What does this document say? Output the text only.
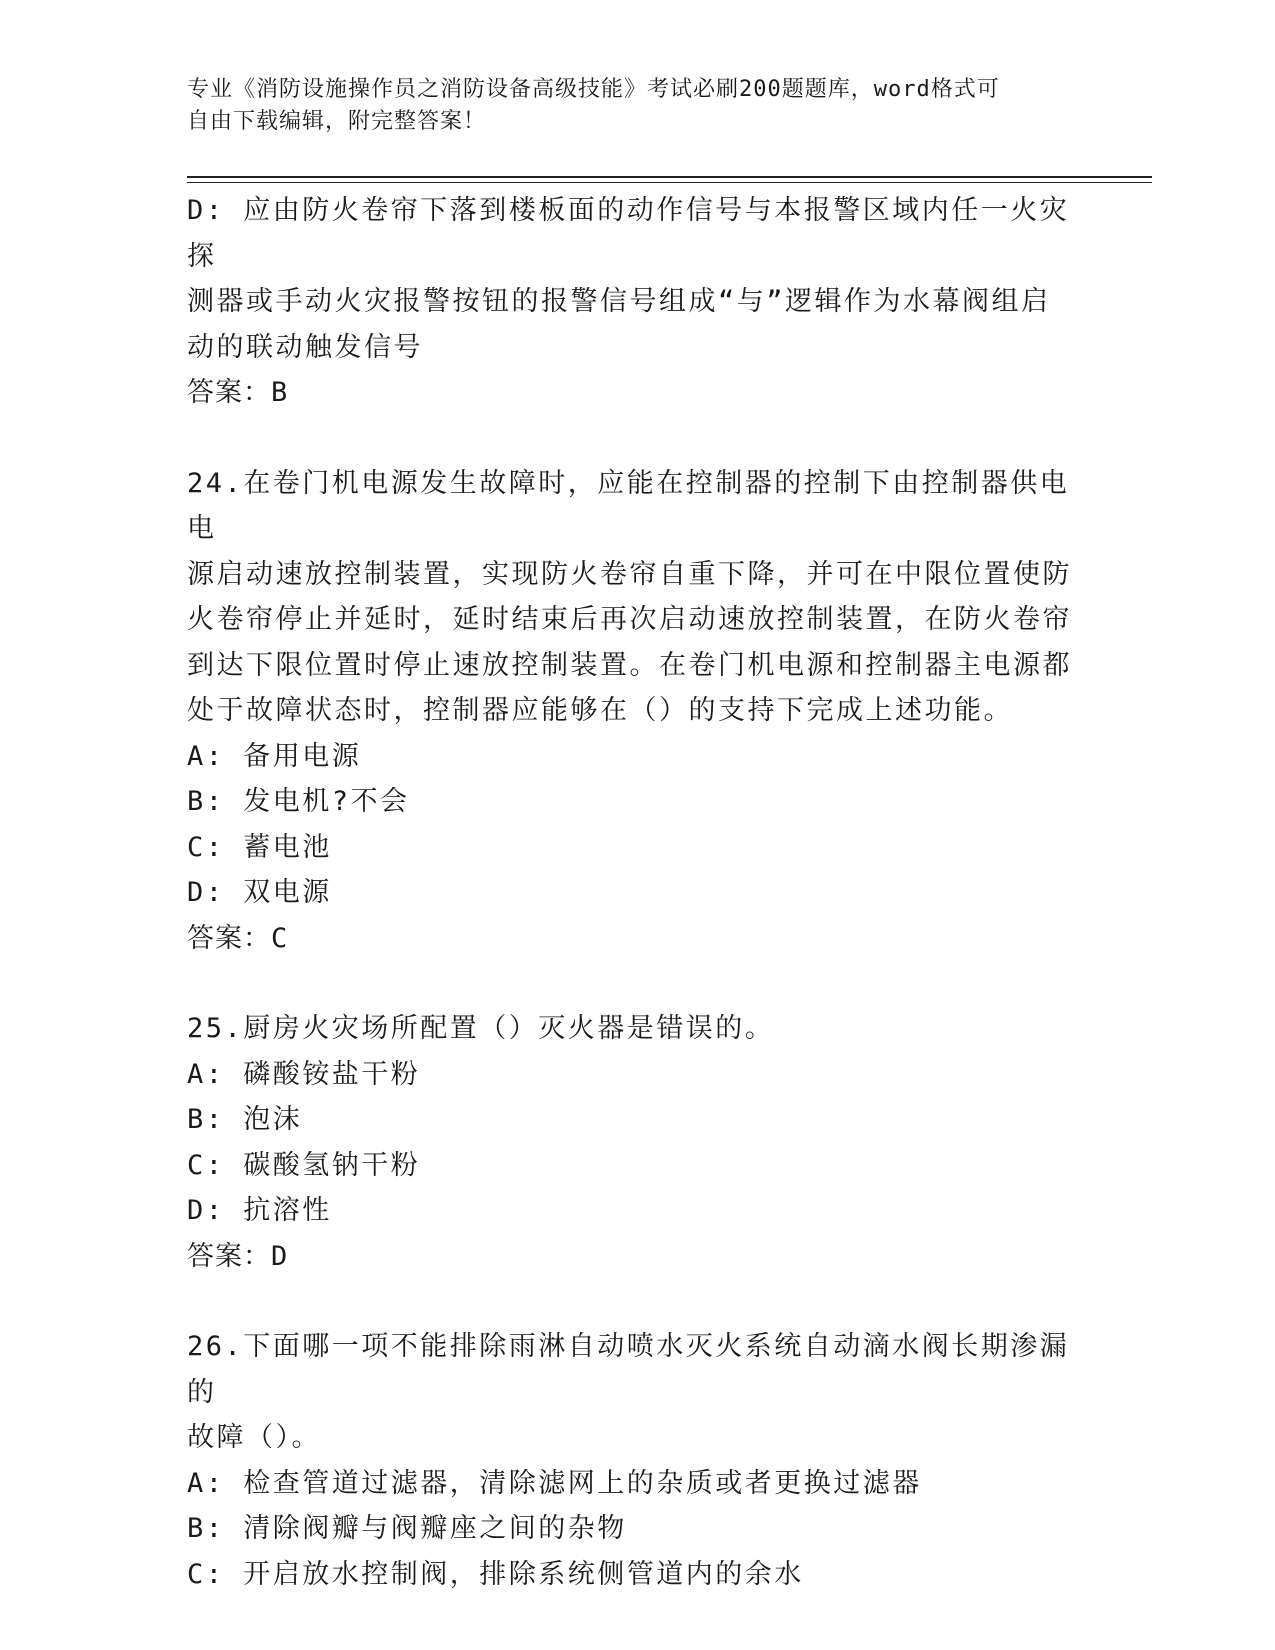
专业《消防设施操作员之消防设备高级技能》考试必刷200题题库，word格式可
自由下载编辑，附完整答案！
D: 应由防火卷帘下落到楼板面的动作信号与本报警区域内任一火灾探
测器或手动火灾报警按钮的报警信号组成“与”逻辑作为水幕阀组启
动的联动触发信号
答案：B
24.在卷门机电源发生故障时，应能在控制器的控制下由控制器供电电
源启动速放控制装置，实现防火卷帘自重下降，并可在中限位置使防
火卷帘停止并延时，延时结束后再次启动速放控制装置，在防火卷帘
到达下限位置时停止速放控制装置。在卷门机电源和控制器主电源都
处于故障状态时，控制器应能够在（）的支持下完成上述功能。
A: 备用电源
B: 发电机?不会
C: 蓄电池
D: 双电源
答案：C
25.厨房火灾场所配置（）灭火器是错误的。
A: 磷酸铵盐干粉
B: 泡沫
C: 碳酸氢钠干粉
D: 抗溶性
答案：D
26.下面哪一项不能排除雨淋自动喷水灭火系统自动滴水阀长期渗漏的
故障（）。
A: 检查管道过滤器，清除滤网上的杂质或者更换过滤器
B: 清除阀瓣与阀瓣座之间的杂物
C: 开启放水控制阀，排除系统侧管道内的余水
